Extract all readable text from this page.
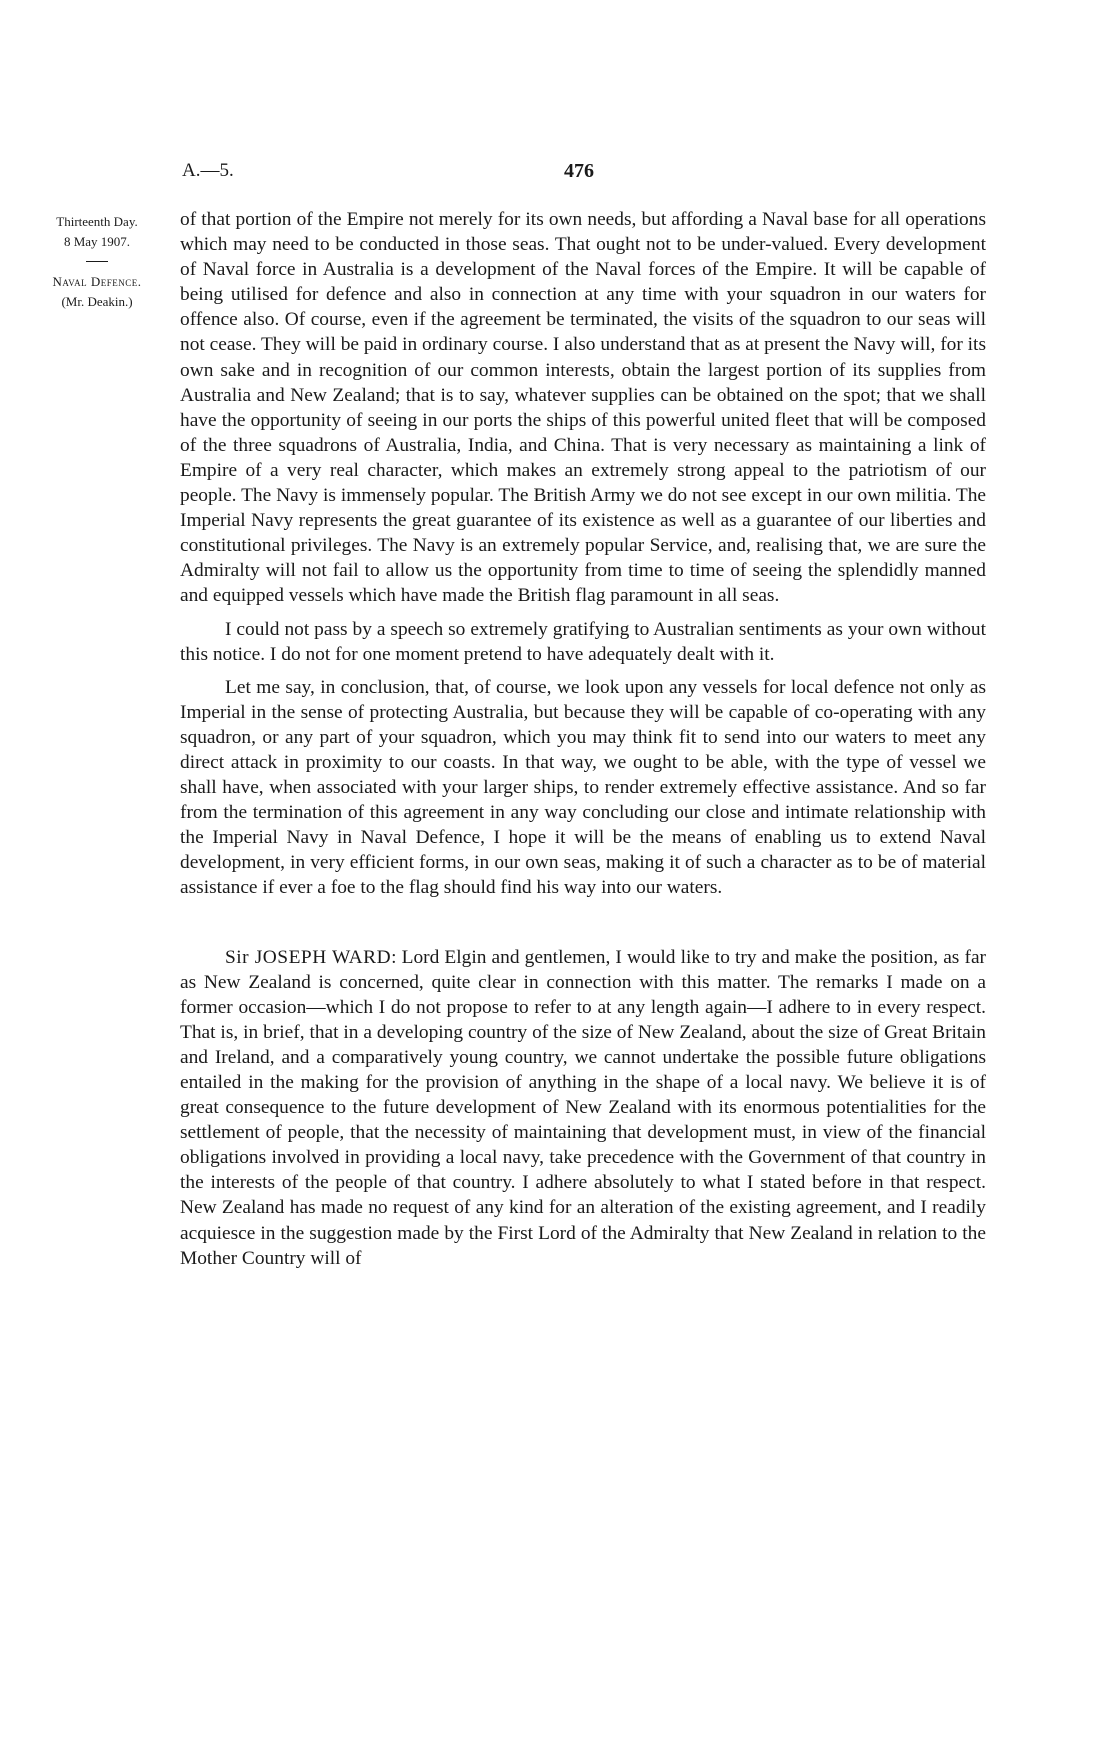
A.—5.	476
Thirteenth Day.
8 May 1907.
Naval Defence.
(Mr. Deakin.)

of that portion of the Empire not merely for its own needs, but affording a Naval base for all operations which may need to be conducted in those seas. That ought not to be under-valued. Every development of Naval force in Australia is a development of the Naval forces of the Empire. It will be capable of being utilised for defence and also in connection at any time with your squadron in our waters for offence also. Of course, even if the agreement be terminated, the visits of the squadron to our seas will not cease. They will be paid in ordinary course. I also understand that as at present the Navy will, for its own sake and in recognition of our common interests, obtain the largest portion of its supplies from Australia and New Zealand; that is to say, whatever supplies can be obtained on the spot; that we shall have the opportunity of seeing in our ports the ships of this powerful united fleet that will be composed of the three squadrons of Australia, India, and China. That is very necessary as maintaining a link of Empire of a very real character, which makes an extremely strong appeal to the patriotism of our people. The Navy is immensely popular. The British Army we do not see except in our own militia. The Imperial Navy represents the great guarantee of its existence as well as a guarantee of our liberties and constitutional privileges. The Navy is an extremely popular Service, and, realising that, we are sure the Admiralty will not fail to allow us the opportunity from time to time of seeing the splendidly manned and equipped vessels which have made the British flag paramount in all seas.

I could not pass by a speech so extremely gratifying to Australian sentiments as your own without this notice. I do not for one moment pretend to have adequately dealt with it.

Let me say, in conclusion, that, of course, we look upon any vessels for local defence not only as Imperial in the sense of protecting Australia, but because they will be capable of co-operating with any squadron, or any part of your squadron, which you may think fit to send into our waters to meet any direct attack in proximity to our coasts. In that way, we ought to be able, with the type of vessel we shall have, when associated with your larger ships, to render extremely effective assistance. And so far from the termination of this agreement in any way concluding our close and intimate relationship with the Imperial Navy in Naval Defence, I hope it will be the means of enabling us to extend Naval development, in very efficient forms, in our own seas, making it of such a character as to be of material assistance if ever a foe to the flag should find his way into our waters.

Sir JOSEPH WARD: Lord Elgin and gentlemen, I would like to try and make the position, as far as New Zealand is concerned, quite clear in connection with this matter. The remarks I made on a former occasion—which I do not propose to refer to at any length again—I adhere to in every respect. That is, in brief, that in a developing country of the size of New Zealand, about the size of Great Britain and Ireland, and a comparatively young country, we cannot undertake the possible future obligations entailed in the making for the provision of anything in the shape of a local navy. We believe it is of great consequence to the future development of New Zealand with its enormous potentialities for the settlement of people, that the necessity of maintaining that development must, in view of the financial obligations involved in providing a local navy, take precedence with the Government of that country in the interests of the people of that country. I adhere absolutely to what I stated before in that respect. New Zealand has made no request of any kind for an alteration of the existing agreement, and I readily acquiesce in the suggestion made by the First Lord of the Admiralty that New Zealand in relation to the Mother Country will of
